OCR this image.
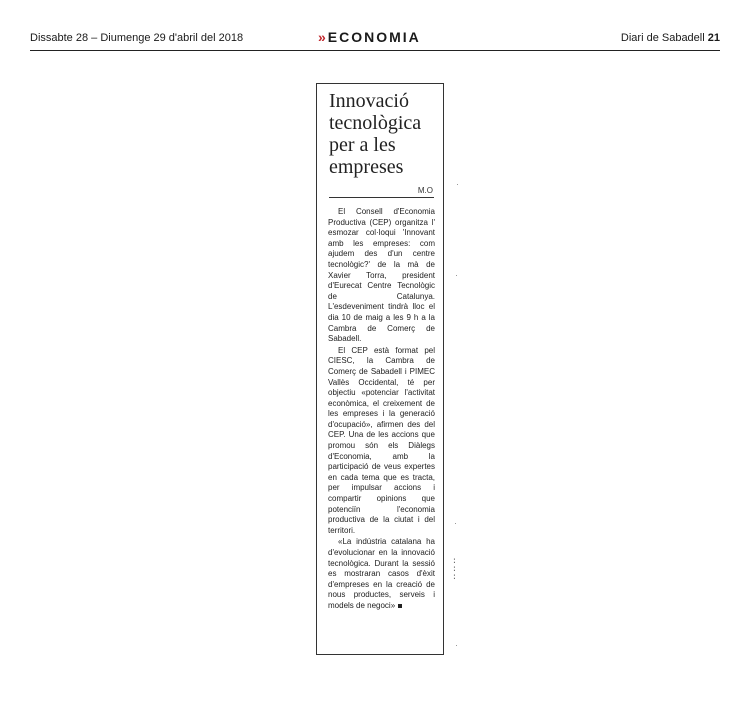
Dissabte 28 – Diumenge 29 d'abril del 2018	» ECONOMIA	Diari de Sabadell 21
Innovació tecnològica per a les empreses
M.O

El Consell d'Economia Productiva (CEP) organitza l' esmozar col·loqui 'Innovant amb les empreses: com ajudem des d'un centre tecnològic?' de la mà de Xavier Torra, president d'Eurecat Centre Tecnològic de Catalunya. L'esdeveniment tindrà lloc el dia 10 de maig a les 9 h a la Cambra de Comerç de Sabadell.

El CEP està format pel CIESC, la Cambra de Comerç de Sabadell i PIMEC Vallès Occidental, té per objectiu «potenciar l'activitat econòmica, el creixement de les empreses i la generació d'ocupació», afirmen des del CEP. Una de les accions que promou són els Diàlegs d'Economia, amb la participació de veus expertes en cada tema que es tracta, per impulsar accions i compartir opinions que potenciïn l'economia productiva de la ciutat i del territori.

«La indústria catalana ha d'evolucionar en la innovació tecnològica. Durant la sessió es mostraran casos d'èxit d'empreses en la creació de nous productes, serveis i models de negoci»

:
:
:
